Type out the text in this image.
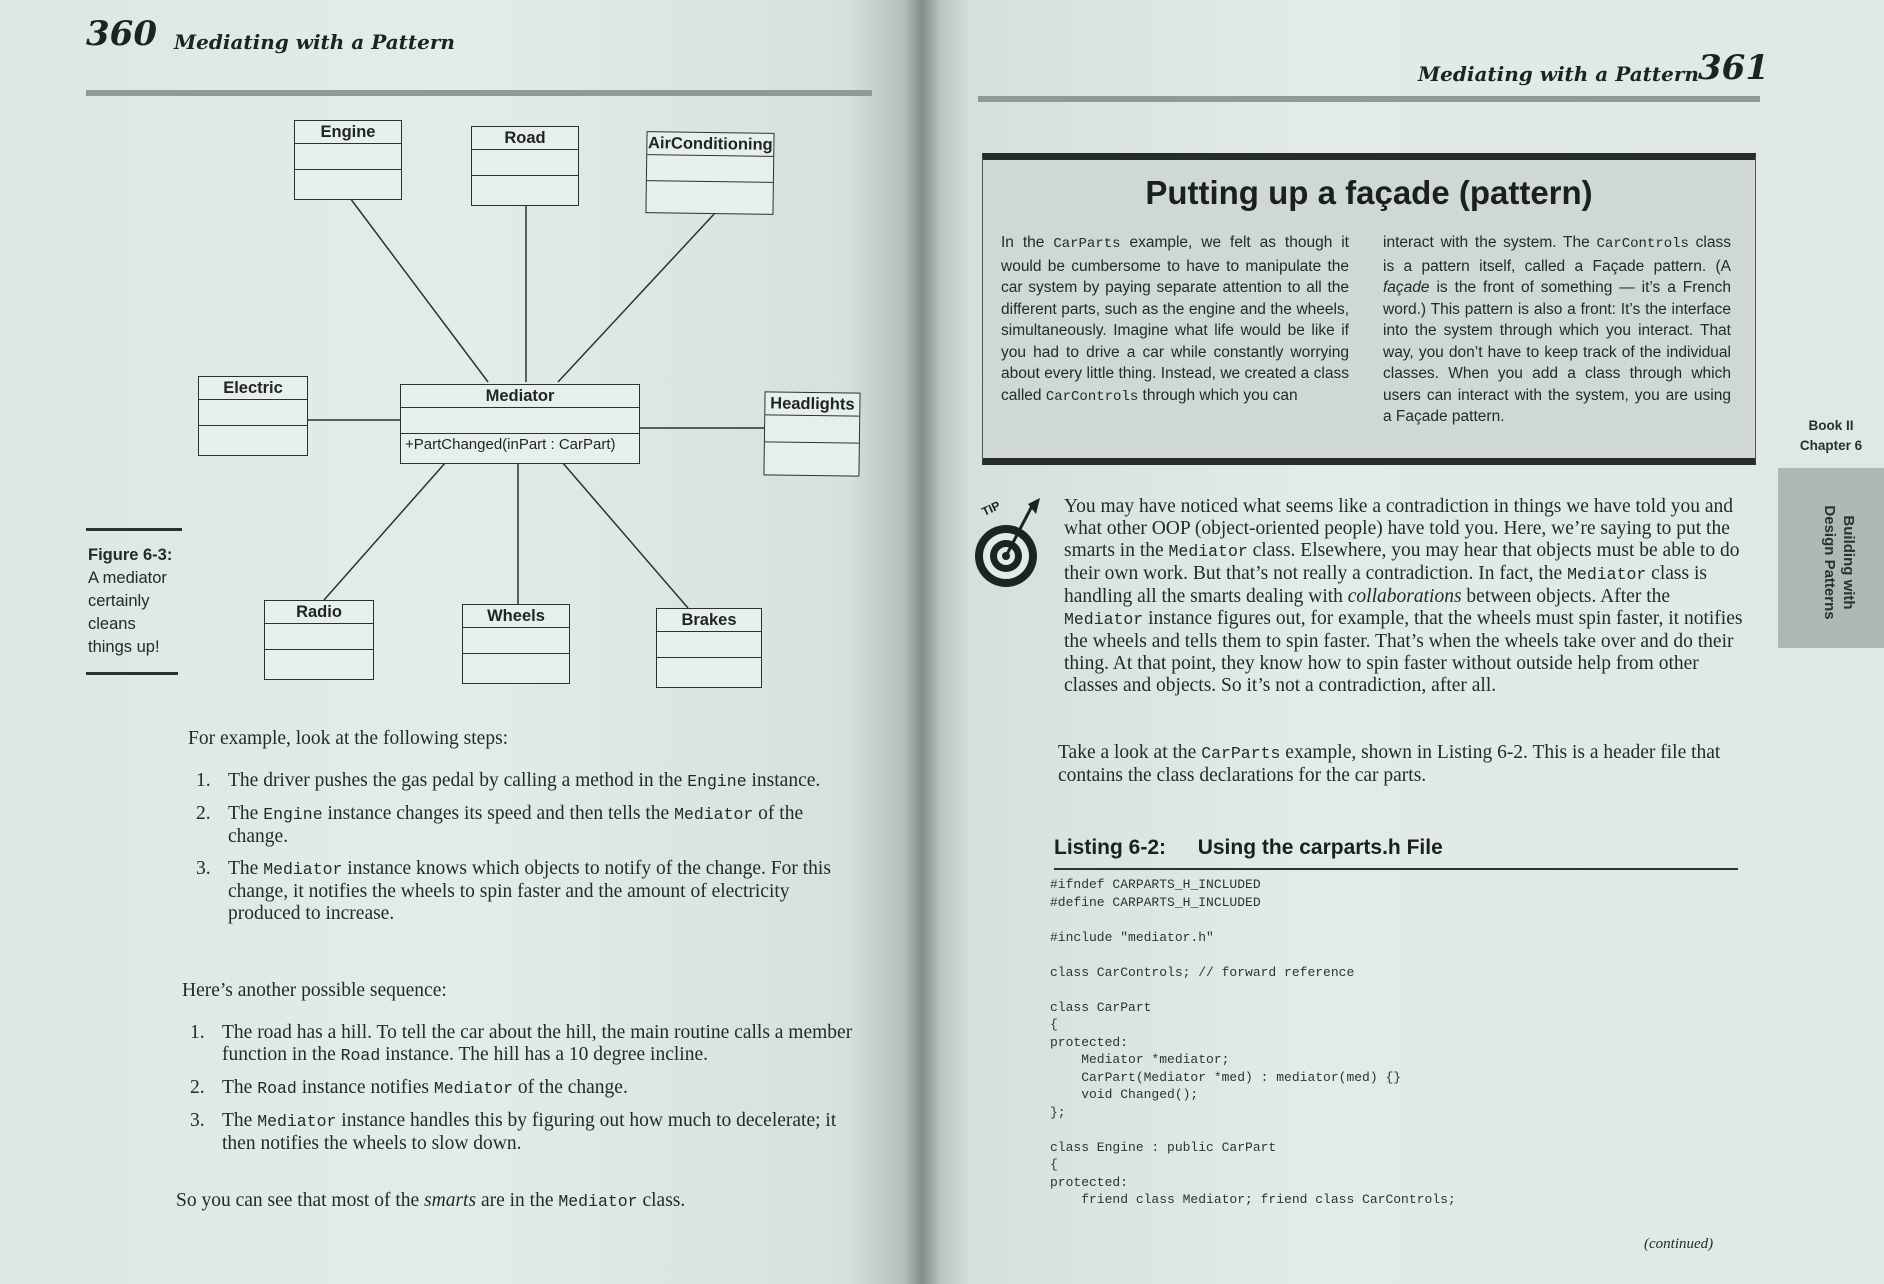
360 Mediating with a Pattern
Engine	Road	AirConditioning
Electric	Mediator
+PartChanged(inPart : CarPart)
Headlights
Radio	Wheels	Brakes
Figure 6-3:
A mediator
certainly
cleans
things up!
For example, look at the following steps:
1. The driver pushes the gas pedal by calling a method in the Engine instance.
2. The Engine instance changes its speed and then tells the Mediator of the change.
3. The Mediator instance knows which objects to notify of the change. For this change, it notifies the wheels to spin faster and the amount of electricity produced to increase.
Here’s another possible sequence:
1. The road has a hill. To tell the car about the hill, the main routine calls a member function in the Road instance. The hill has a 10 degree incline.
2. The Road instance notifies Mediator of the change.
3. The Mediator instance handles this by figuring out how much to decelerate; it then notifies the wheels to slow down.
So you can see that most of the smarts are in the Mediator class.
Mediating with a Pattern 361
Putting up a façade (pattern)
In the CarParts example, we felt as though it would be cumbersome to have to manipulate the car system by paying separate attention to all the different parts, such as the engine and the wheels, simultaneously. Imagine what life would be like if you had to drive a car while constantly worrying about every little thing. Instead, we created a class called CarControls through which you can
interact with the system. The CarControls class is a pattern itself, called a Façade pattern. (A façade is the front of something — it’s a French word.) This pattern is also a front: It’s the interface into the system through which you interact. That way, you don’t have to keep track of the individual classes. When you add a class through which users can interact with the system, you are using a Façade pattern.
Book II
Chapter 6
Building with Design Patterns
TIP	You may have noticed what seems like a contradiction in things we have told you and what other OOP (object-oriented people) have told you. Here, we’re saying to put the smarts in the Mediator class. Elsewhere, you may hear that objects must be able to do their own work. But that’s not really a contradiction. In fact, the Mediator class is handling all the smarts dealing with collaborations between objects. After the Mediator instance figures out, for example, that the wheels must spin faster, it notifies the wheels and tells them to spin faster. That’s when the wheels take over and do their thing. At that point, they know how to spin faster without outside help from other classes and objects. So it’s not a contradiction, after all.
Take a look at the CarParts example, shown in Listing 6-2. This is a header file that contains the class declarations for the car parts.
Listing 6-2: Using the carparts.h File
#ifndef CARPARTS_H_INCLUDED
#define CARPARTS_H_INCLUDED
#include "mediator.h"
class CarControls; // forward reference
class CarPart
{
protected:
Mediator *mediator;
CarPart(Mediator *med) : mediator(med) {}
void Changed();
};
class Engine : public CarPart
{
protected:
friend class Mediator; friend class CarControls;
(continued)
